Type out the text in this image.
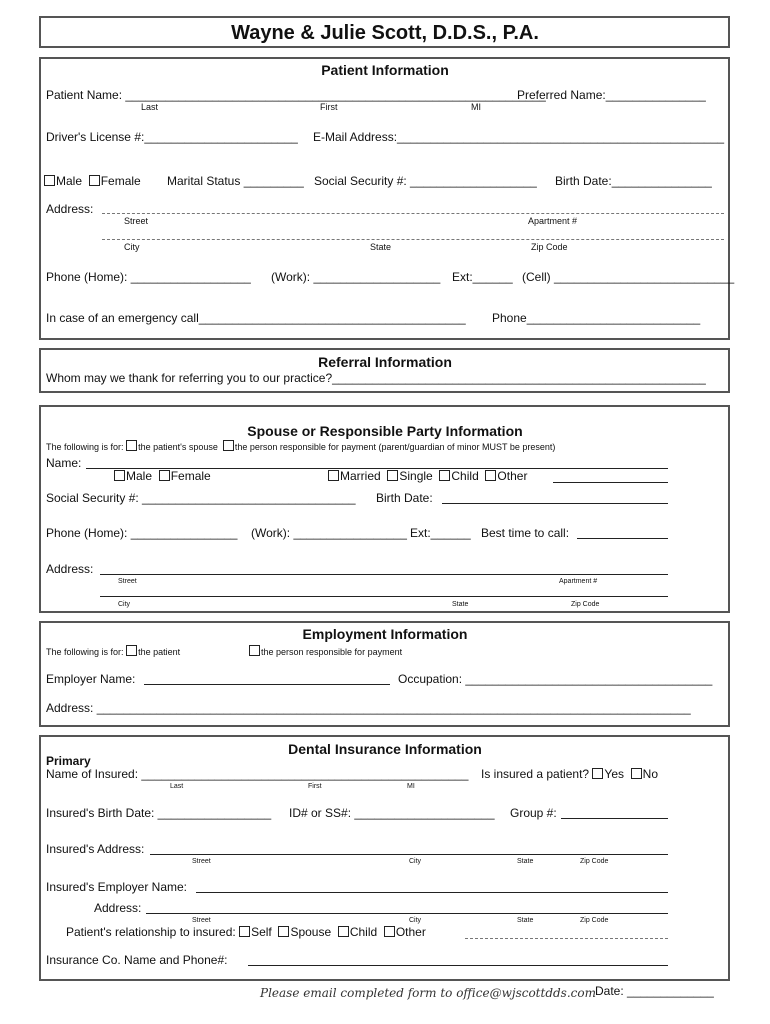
Wayne & Julie Scott, D.D.S., P.A.
Patient Information
Patient Name: _______________________________________________________________
Preferred Name:_______________
Last	First	MI
Driver's License #:_______________________ E-Mail Address:_________________________________________________
Male Female Marital Status _________ Social Security #: ___________________ Birth Date:_______________
Address:
Street	Apartment #
City	State	Zip Code
Phone (Home): __________________ (Work): ___________________ Ext:______ (Cell) ___________________________
In case of an emergency call________________________________________ Phone__________________________
Referral Information
Whom may we thank for referring you to our practice?________________________________________________________
Spouse or Responsible Party Information
The following is for: the patient's spouse the person responsible for payment (parent/guardian of minor MUST be present)
Name:
Male Female	Married Single Child Other
Social Security #: ________________________________ Birth Date:
Phone (Home): ________________ (Work): _________________ Ext:______ Best time to call:
Address:
Street	Apartment #
City	State	Zip Code
Employment Information
The following is for: the patient	the person responsible for payment
Employer Name:	Occupation: _____________________________________
Address: _________________________________________________________________________________________
Dental Insurance Information
Primary
Name of Insured: _________________________________________________
Last	First	MI
Is insured a patient? Yes No
Insured's Birth Date: _________________ ID# or SS#: _____________________ Group #:
Insured's Address:
Street	City	State	Zip Code
Insured's Employer Name:
Address:
Street	City	State	Zip Code
Patient's relationship to insured: Self Spouse Child Other
Insurance Co. Name and Phone#:
Please email completed form to office@wjscottdds.com Date: _____________
